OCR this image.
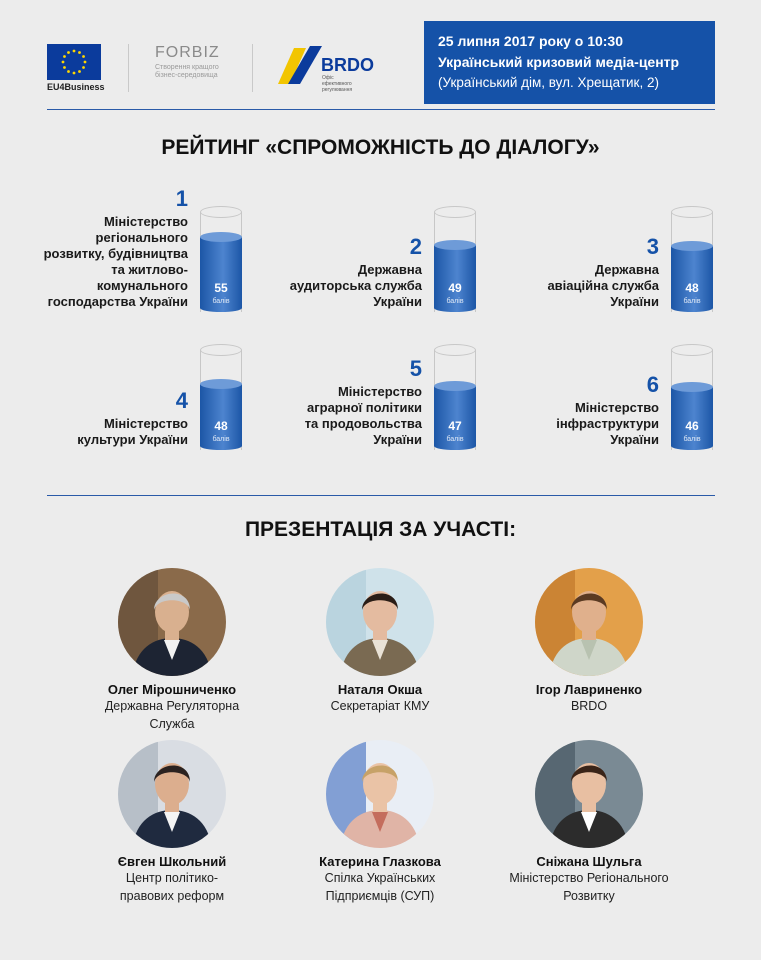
EU4Business
FORBIZ
Створення кращого
бізнес-середовища
BRDO
Офіс ефективного регулювання
25 липня 2017 року о 10:30
Український кризовий медіа-центр
(Український дім, вул. Хрещатик, 2)
РЕЙТИНГ «СПРОМОЖНІСТЬ ДО ДІАЛОГУ»
1
Міністерство
регіонального
розвитку, будівництва
та житлово-
комунального
господарства України
55
балів
2
Державна
аудиторська служба
України
49
балів
3
Державна
авіаційна служба
України
48
балів
4
Міністерство
культури України
48
балів
5
Міністерство
аграрної політики
та продовольства
України
47
балів
6
Міністерство
інфраструктури
України
46
балів
ПРЕЗЕНТАЦІЯ ЗА УЧАСТІ:
Олег Мірошниченко
Державна Регуляторна
Служба
Наталя Окша
Секретаріат КМУ
Ігор Лавриненко
BRDO
Євген Школьний
Центр політико-
правових реформ
Катерина Глазкова
Спілка Українських
Підприємців (СУП)
Сніжана Шульга
Міністерство Регіонального
Розвитку
